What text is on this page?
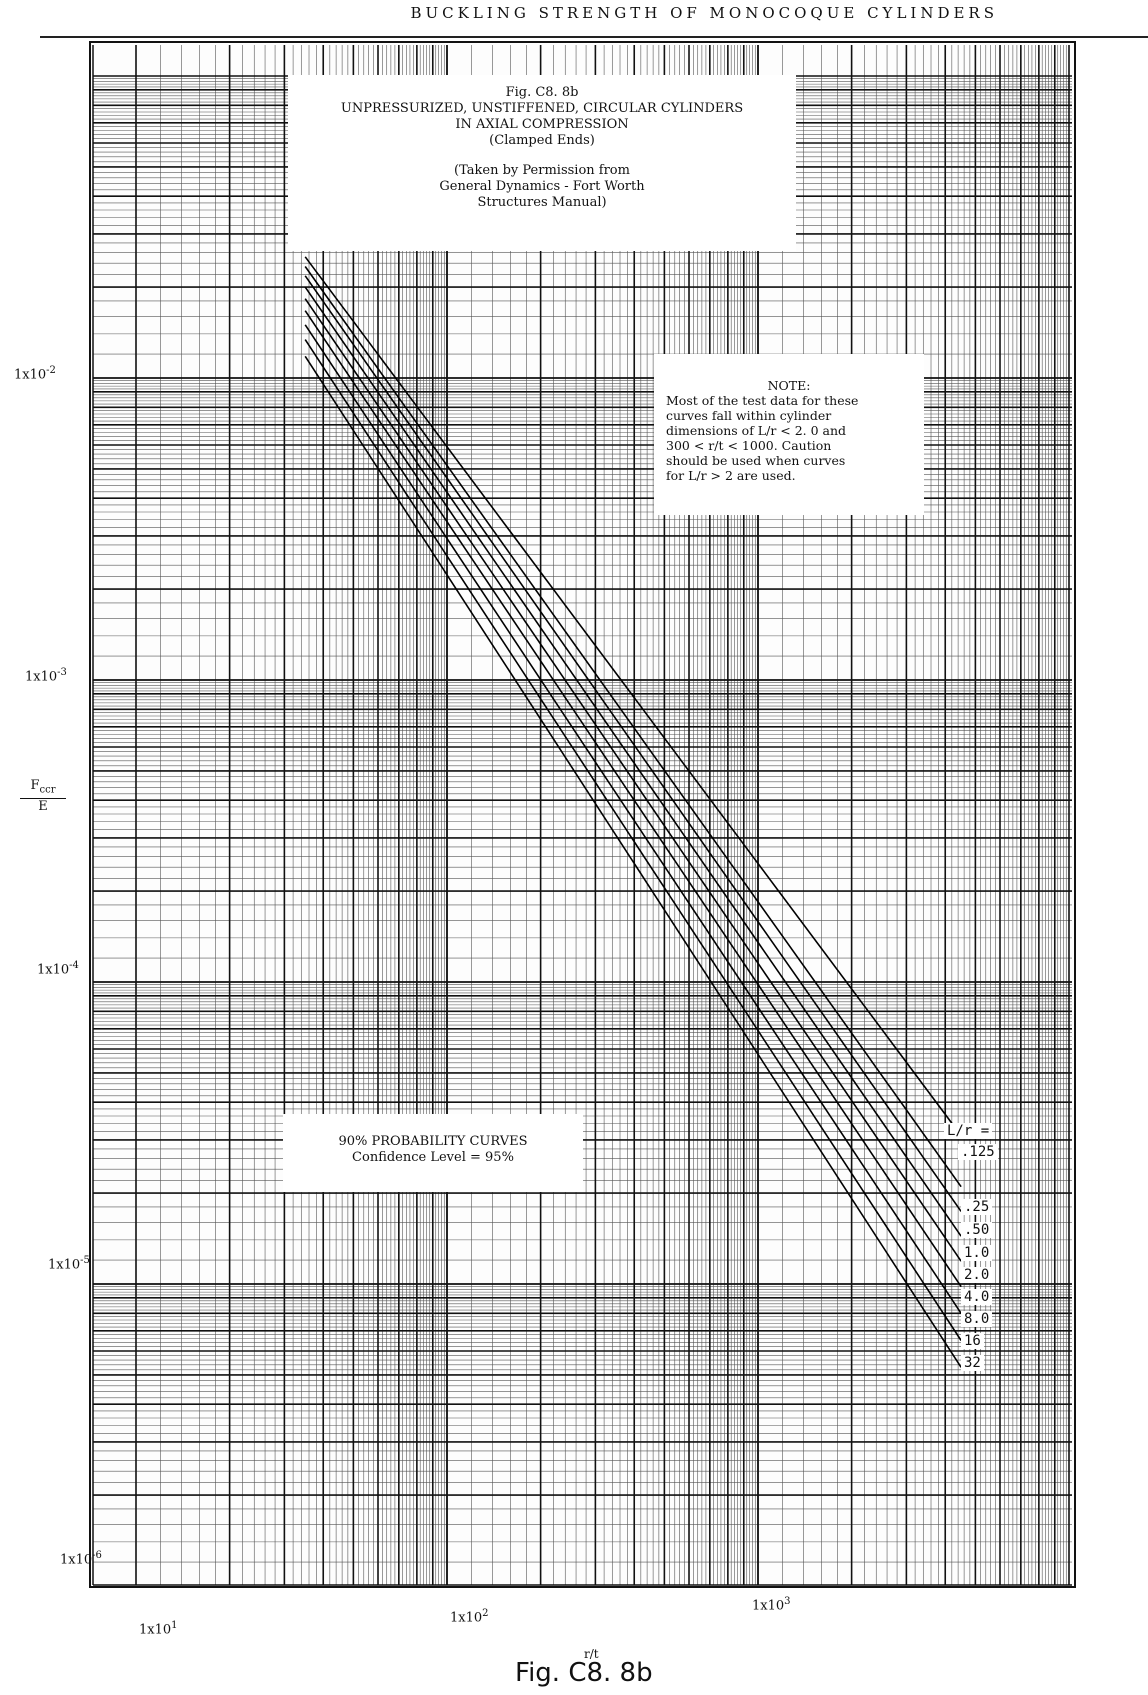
BUCKLING STRENGTH OF MONOCOQUE CYLINDERS
$1x10^{-2}$
$1x10^{-3}$
$1x10^{-4}$
$1x10^{-5}$
$1x10^{-6}$
$F_{ccr}$
E
$1x10^1$
$1x10^2$
$1x10^3$
r/t
Fig. C8. 8b
UNPRESSURIZED, UNSTIFFENED, CIRCULAR CYLINDERS
IN AXIAL COMPRESSION
(Clamped Ends)
(Taken by Permission from
General Dynamics - Fort Worth
Structures Manual)
NOTE:
Most of the test data for these
curves fall within cylinder
dimensions of L/r < 2. 0 and
300 < r/t < 1000. Caution
should be used when curves
for L/r > 2 are used.
90% PROBABILITY CURVES
Confidence Level = 95%
L/r =
.125
.25
.50
1.0
2.0
4.0
8.0
16
32
Fig. C8. 8b
